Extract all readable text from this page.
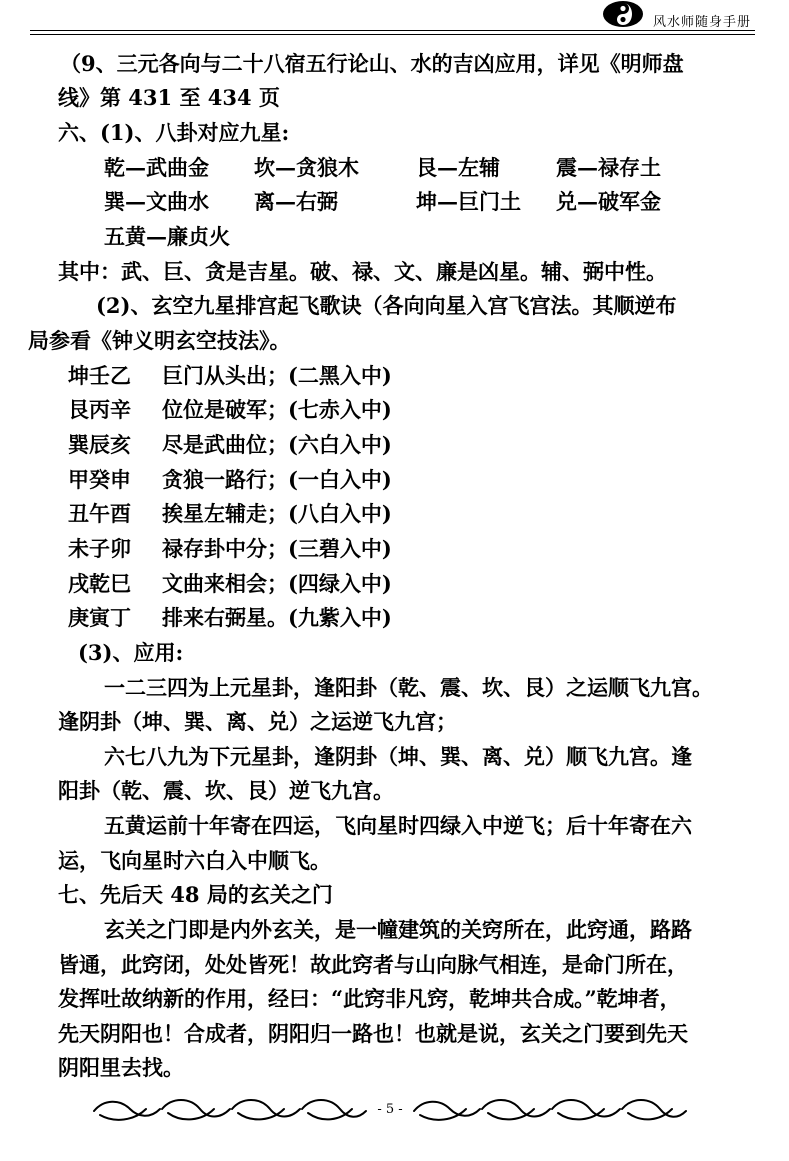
风水师随身手册
（9、三元各向与二十八宿五行论山、水的吉凶应用，详见《明师盘
线》第 431 至 434 页
六、(1)、八卦对应九星:
乾—武曲金 坎—贪狼木	艮—左辅	震—禄存土
巽—文曲水 离—右弼	坤—巨门土 兑—破军金
五黄—廉贞火
其中：武、巨、贪是吉星。破、禄、文、廉是凶星。辅、弼中性。
(2)、玄空九星排宫起飞歌诀（各向向星入宫飞宫法。其顺逆布
局参看《钟义明玄空技法》。
坤壬乙 巨门从头出；(二黑入中)
艮丙辛 位位是破军；(七赤入中)
巽辰亥 尽是武曲位；(六白入中)
甲癸申 贪狼一路行；(一白入中)
丑午酉 挨星左辅走；(八白入中)
未子卯 禄存卦中分；(三碧入中)
戌乾巳 文曲来相会；(四绿入中)
庚寅丁 排来右弼星。(九紫入中)
(3)、应用:
一二三四为上元星卦，逢阳卦（乾、震、坎、艮）之运顺飞九宫。
逢阴卦（坤、巽、离、兑）之运逆飞九宫；
六七八九为下元星卦，逢阴卦（坤、巽、离、兑）顺飞九宫。逢
阳卦（乾、震、坎、艮）逆飞九宫。
五黄运前十年寄在四运，飞向星时四绿入中逆飞；后十年寄在六
运，飞向星时六白入中顺飞。
七、先后天 48 局的玄关之门
玄关之门即是内外玄关，是一幢建筑的关窍所在，此窍通，路路
皆通，此窍闭，处处皆死！故此窍者与山向脉气相连，是命门所在，
发挥吐故纳新的作用，经曰：“此窍非凡窍，乾坤共合成。”乾坤者，
先天阴阳也！合成者，阴阳归一路也！也就是说，玄关之门要到先天
阴阳里去找。
- 5 -
